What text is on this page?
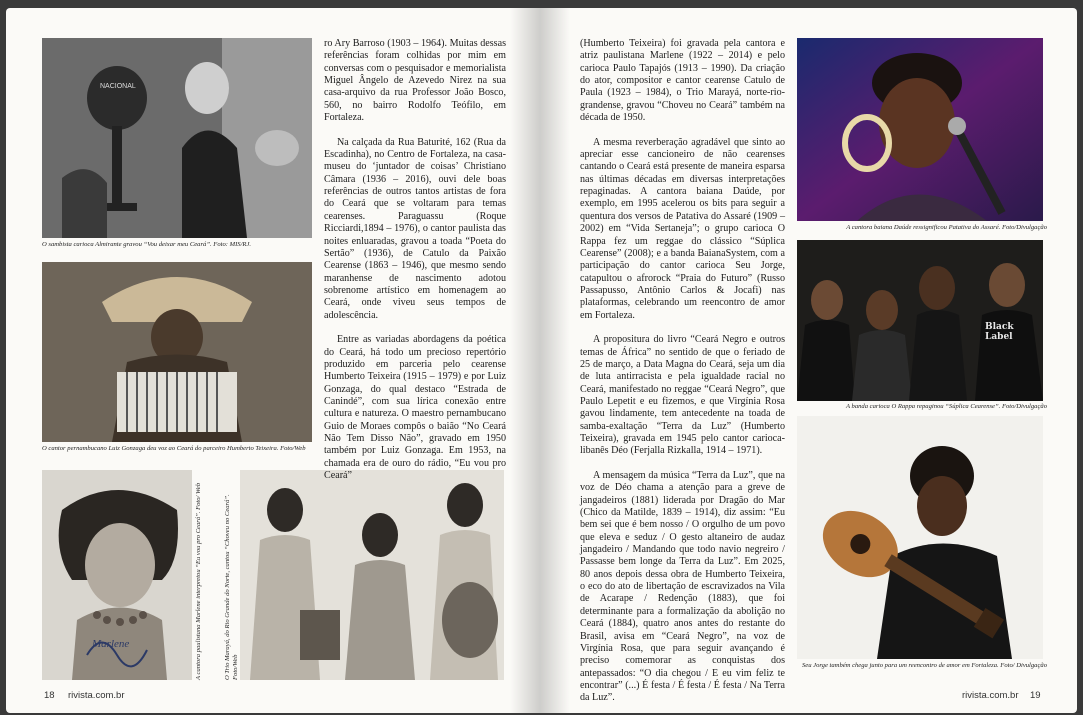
NACIONAL
O sambista carioca Almirante gravou “Vou deixar meu Ceará”. Foto: MIS/RJ.
O cantor pernambucano Luiz Gonzaga deu voz ao Ceará do parceiro Humberto Teixeira. Foto/Web
Marlene	A cantora paulistana Marlene interpretou “Eu vou pro Ceará”. Foto/ Web	O Trio Marayá, do Rio Grande do Norte, cantou “Choveu no Ceará”. Foto/Web
18 rivista.com.br

ro Ary Barroso (1903 – 1964). Muitas dessas referências foram colhidas por mim em conversas com o pesquisador e memorialista Miguel Ângelo de Azevedo Nirez na sua casa-arquivo da rua Professor João Bosco, 560, no bairro Rodolfo Teófilo, em Fortaleza.

Na calçada da Rua Baturité, 162 (Rua da Escadinha), no Centro de Fortaleza, na casa-museu do ‘juntador de coisas’ Christiano Câmara (1936 – 2016), ouvi dele boas referências de outros tantos artistas de fora do Ceará que se voltaram para temas cearenses. Paraguassu (Roque Ricciardi,1894 – 1976), o cantor paulista das noites enluaradas, gravou a toada “Poeta do Sertão” (1936), de Catulo da Paixão Cearense (1863 – 1946), que mesmo sendo maranhense de nascimento adotou sobrenome artístico em homenagem ao Ceará, onde viveu seus tempos de adolescência.

Entre as variadas abordagens da poética do Ceará, há todo um precioso repertório produzido em parceria pelo cearense Humberto Teixeira (1915 – 1979) e por Luiz Gonzaga, do qual destaco “Estrada de Canindé”, com sua lírica conexão entre cultura e natureza. O maestro pernambucano Guio de Moraes compôs o baião “No Ceará Não Tem Disso Não”, gravado em 1950 também por Luiz Gonzaga. Em 1953, na chamada era de ouro do rádio, “Eu vou pro Ceará”

(Humberto Teixeira) foi gravada pela cantora e atriz paulistana Marlene (1922 – 2014) e pelo carioca Paulo Tapajós (1913 – 1990). Da criação do ator, compositor e cantor cearense Catulo de Paula (1923 – 1984), o Trio Marayá, norte-rio-grandense, gravou “Choveu no Ceará” também na década de 1950.

A mesma reverberação agradável que sinto ao apreciar esse cancioneiro de não cearenses cantando o Ceará está presente de maneira esparsa nas últimas décadas em diversas interpretações repaginadas. A cantora baiana Daúde, por exemplo, em 1995 acelerou os bits para seguir a quentura dos versos de Patativa do Assaré (1909 – 2002) em “Vida Sertaneja”; o grupo carioca O Rappa fez um reggae do clássico “Súplica Cearense” (2008); e a banda BaianaSystem, com a participação do cantor carioca Seu Jorge, catapultou o afrorock “Praia do Futuro” (Russo Passapusso, Antônio Carlos & Jocafi) nas plataformas, celebrando um reencontro de amor em Fortaleza.

A propositura do livro “Ceará Negro e outros temas de África” no sentido de que o feriado de 25 de março, a Data Magna do Ceará, seja um dia de luta antirracista e pela igualdade racial no Ceará, manifestado no reggae “Ceará Negro”, que Paulo Lepetit e eu fizemos, e que Virgínia Rosa gavou lindamente, tem antecedente na toada de samba-exaltação “Terra da Luz” (Humberto Teixeira), gravada em 1945 pelo cantor carioca-libanês Déo (Ferjalla Rizkalla, 1914 – 1971).

A mensagem da música “Terra da Luz”, que na voz de Déo chama a atenção para a greve de jangadeiros (1881) liderada por Dragão do Mar (Chico da Matilde, 1839 – 1914), diz assim: “Eu bem sei que é bem nosso / O orgulho de um povo que eleva e seduz / O gesto altaneiro de audaz jangadeiro / Mandando que todo navio negreiro / Passasse bem longe da Terra da Luz”. Em 2025, 80 anos depois dessa obra de Humberto Teixeira, o eco do ato de libertação de escravizados na Vila de Acarape / Redenção (1883), que foi determinante para a formalização da abolição no Ceará (1884), quatro anos antes do restante do Brasil, avisa em “Ceará Negro”, na voz de Virgínia Rosa, que para seguir avançando é preciso comemorar as conquistas dos antepassados: “O dia chegou / E eu vim feliz te encontrar” (...) É festa / É festa / É festa / Na Terra da Luz”.

A cantora baiana Daúde ressignificou Patativa do Assaré. Foto/Divulgação
Black Label
A banda carioca O Rappa repaginou “Súplica Cearense”. Foto/Divulgação
Seu Jorge também chega junto para um reencontro de amor em Fortaleza. Foto/ Divulgação
rivista.com.br 19
